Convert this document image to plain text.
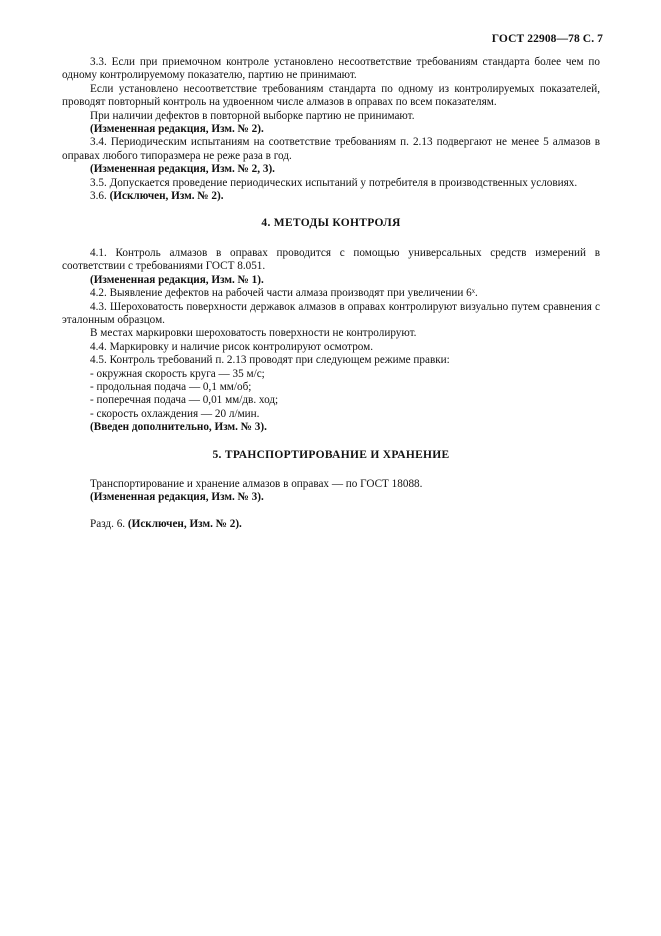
ГОСТ 22908—78 С. 7

3.3. Если при приемочном контроле установлено несоответствие требованиям стандарта более чем по одному контролируемому показателю, партию не принимают.

Если установлено несоответствие требованиям стандарта по одному из контролируемых показателей, проводят повторный контроль на удвоенном числе алмазов в оправах по всем показателям.

При наличии дефектов в повторной выборке партию не принимают.

(Измененная редакция, Изм. № 2).

3.4. Периодическим испытаниям на соответствие требованиям п. 2.13 подвергают не менее 5 алмазов в оправах любого типоразмера не реже раза в год.

(Измененная редакция, Изм. № 2, 3).

3.5. Допускается проведение периодических испытаний у потребителя в производственных условиях.

3.6. (Исключен, Изм. № 2).

4. МЕТОДЫ КОНТРОЛЯ

4.1. Контроль алмазов в оправах проводится с помощью универсальных средств измерений в соответствии с требованиями ГОСТ 8.051.

(Измененная редакция, Изм. № 1).

4.2. Выявление дефектов на рабочей части алмаза производят при увеличении 6ˣ.

4.3. Шероховатость поверхности державок алмазов в оправах контролируют визуально путем сравнения с эталонным образцом.

В местах маркировки шероховатость поверхности не контролируют.

4.4. Маркировку и наличие рисок контролируют осмотром.

4.5. Контроль требований п. 2.13 проводят при следующем режиме правки:

- окружная скорость круга — 35 м/с;

- продольная подача — 0,1 мм/об;

- поперечная подача — 0,01 мм/дв. ход;

- скорость охлаждения — 20 л/мин.

(Введен дополнительно, Изм. № 3).

5. ТРАНСПОРТИРОВАНИЕ И ХРАНЕНИЕ

Транспортирование и хранение алмазов в оправах — по ГОСТ 18088.

(Измененная редакция, Изм. № 3).

Разд. 6. (Исключен, Изм. № 2).
